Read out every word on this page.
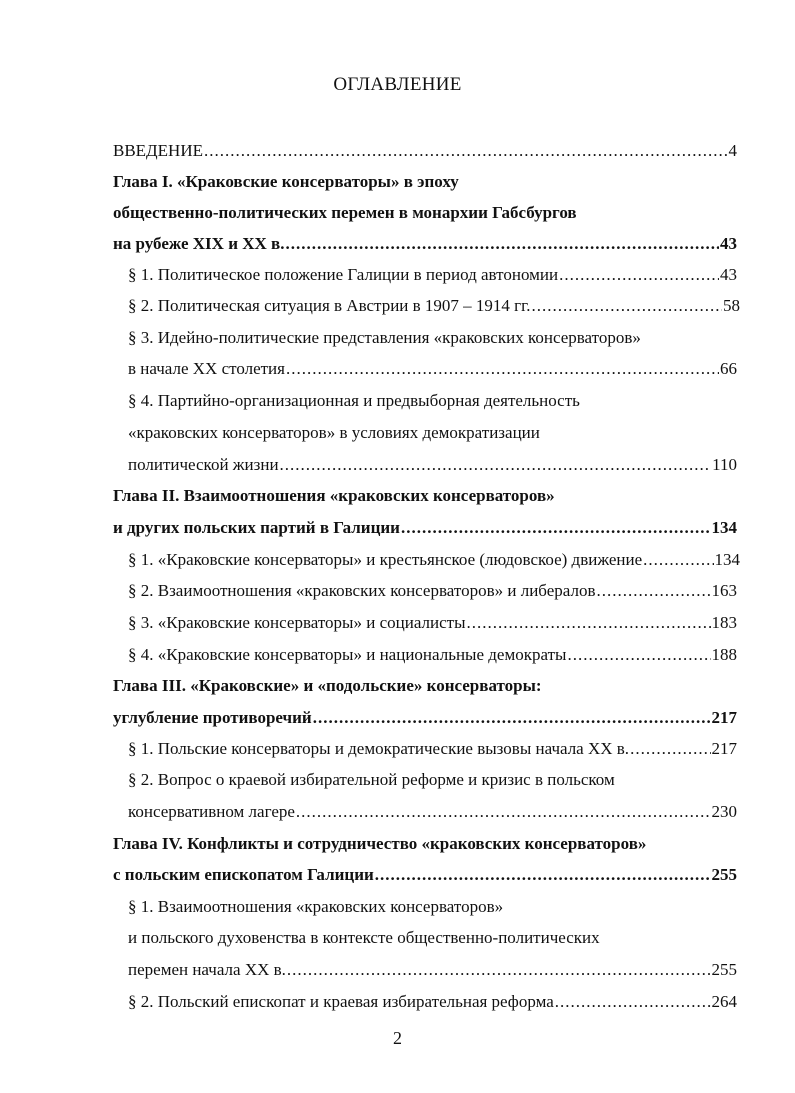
ОГЛАВЛЕНИЕ
ВВЕДЕНИЕ .....	4
Глава I. «Краковские консерваторы» в эпоху
общественно-политических перемен в монархии Габсбургов
на рубеже XIX и XX в. .....	43
§ 1. Политическое положение Галиции в период автономии .....	43
§ 2. Политическая ситуация в Австрии в 1907 – 1914 гг. .....	58
§ 3. Идейно-политические представления «краковских консерваторов»
в начале ХХ столетия .....	66
§ 4. Партийно-организационная и предвыборная деятельность
«краковских консерваторов» в условиях демократизации
политической жизни .....	110
Глава II. Взаимоотношения «краковских консерваторов»
и других польских партий в Галиции .....	134
§ 1. «Краковские консерваторы» и крестьянское (людовское) движение .....	134
§ 2. Взаимоотношения «краковских консерваторов» и либералов .....	163
§ 3. «Краковские консерваторы» и социалисты .....	183
§ 4. «Краковские консерваторы» и национальные демократы .....	188
Глава III. «Краковские» и «подольские» консерваторы:
углубление противоречий .....	217
§ 1. Польские консерваторы и демократические вызовы начала ХХ в. .....	217
§ 2. Вопрос о краевой избирательной реформе и кризис в польском
консервативном лагере .....	230
Глава IV. Конфликты и сотрудничество «краковских консерваторов»
с польским епископатом Галиции .....	255
§ 1. Взаимоотношения «краковских консерваторов»
и польского духовенства в контексте общественно-политических
перемен начала ХХ в. .....	255
§ 2. Польский епископат и краевая избирательная реформа .....	264
2
